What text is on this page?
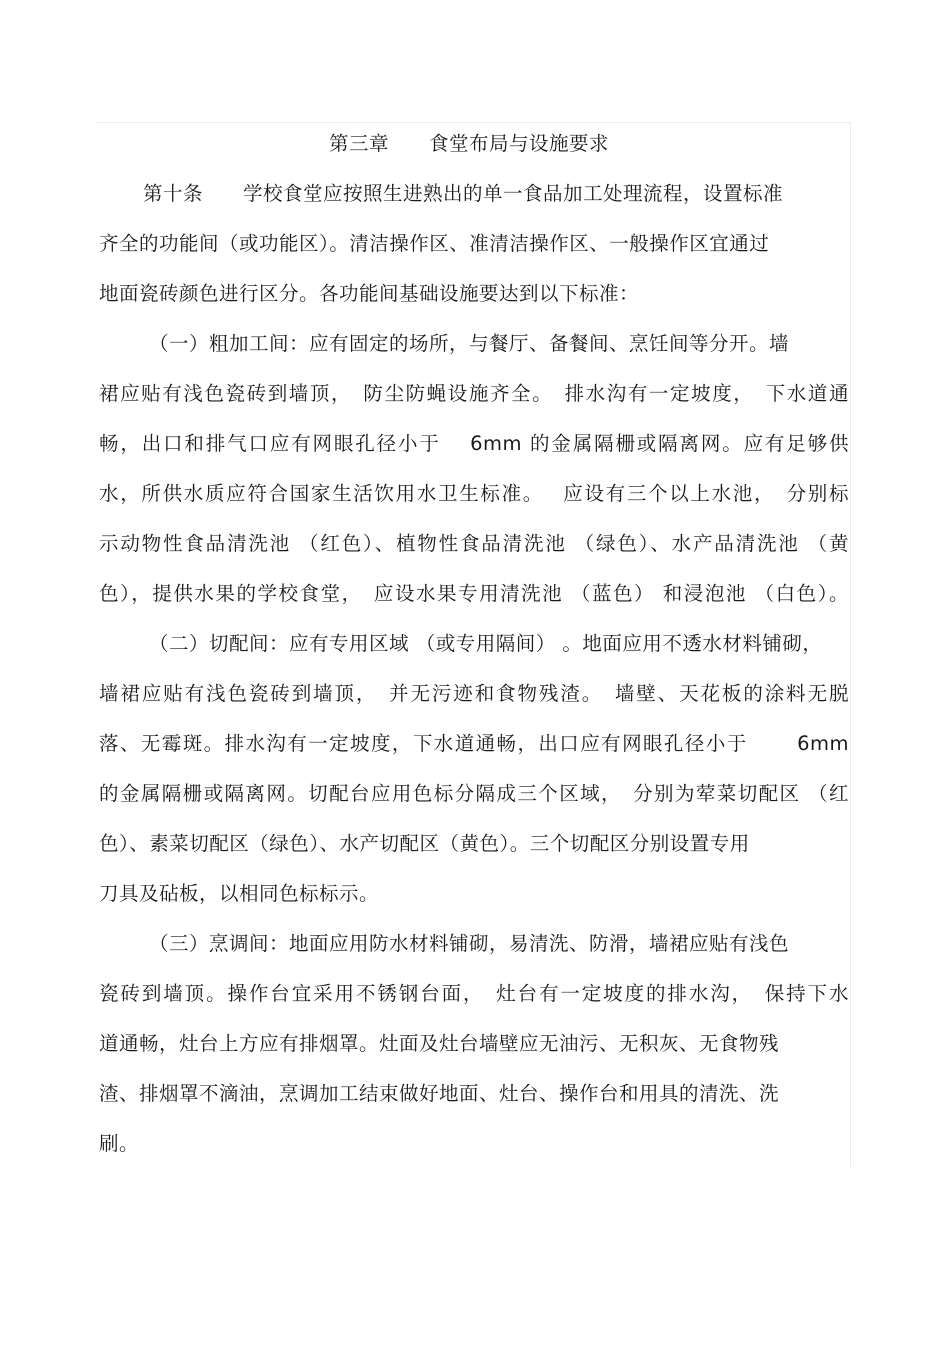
第三章　　食堂布局与设施要求
第十条　　学校食堂应按照生进熟出的单一食品加工处理流程，设置标准
齐全的功能间（或功能区）。清洁操作区、准清洁操作区、一般操作区宜通过
地面瓷砖颜色进行区分。各功能间基础设施要达到以下标准：
（一）粗加工间：应有固定的场所，与餐厅、备餐间、烹饪间等分开。墙
裙应贴有浅色瓷砖到墙顶，　防尘防蝇设施齐全。　排水沟有一定坡度，　下水道通
畅，出口和排气口应有网眼孔径小于　 6mm 的金属隔栅或隔离网。应有足够供
水，所供水质应符合国家生活饮用水卫生标准。　 应设有三个以上水池，　分别标
示动物性食品清洗池 （红色）、植物性食品清洗池 （绿色）、水产品清洗池 （黄
色），提供水果的学校食堂，　应设水果专用清洗池 （蓝色） 和浸泡池 （白色）。
（二）切配间：应有专用区域 （或专用隔间） 。地面应用不透水材料铺砌，
墙裙应贴有浅色瓷砖到墙顶，　并无污迹和食物残渣。　墙壁、天花板的涂料无脱
落、无霉斑。排水沟有一定坡度，下水道通畅，出口应有网眼孔径小于　　 6mm
的金属隔栅或隔离网。切配台应用色标分隔成三个区域，　分别为荤菜切配区 （红
色）、素菜切配区（绿色）、水产切配区（黄色）。三个切配区分别设置专用
刀具及砧板，以相同色标标示。
（三）烹调间：地面应用防水材料铺砌，易清洗、防滑，墙裙应贴有浅色
瓷砖到墙顶。操作台宜采用不锈钢台面，　灶台有一定坡度的排水沟，　保持下水
道通畅，灶台上方应有排烟罩。灶面及灶台墙壁应无油污、无积灰、无食物残
渣、排烟罩不滴油，烹调加工结束做好地面、灶台、操作台和用具的清洗、洗
刷。
